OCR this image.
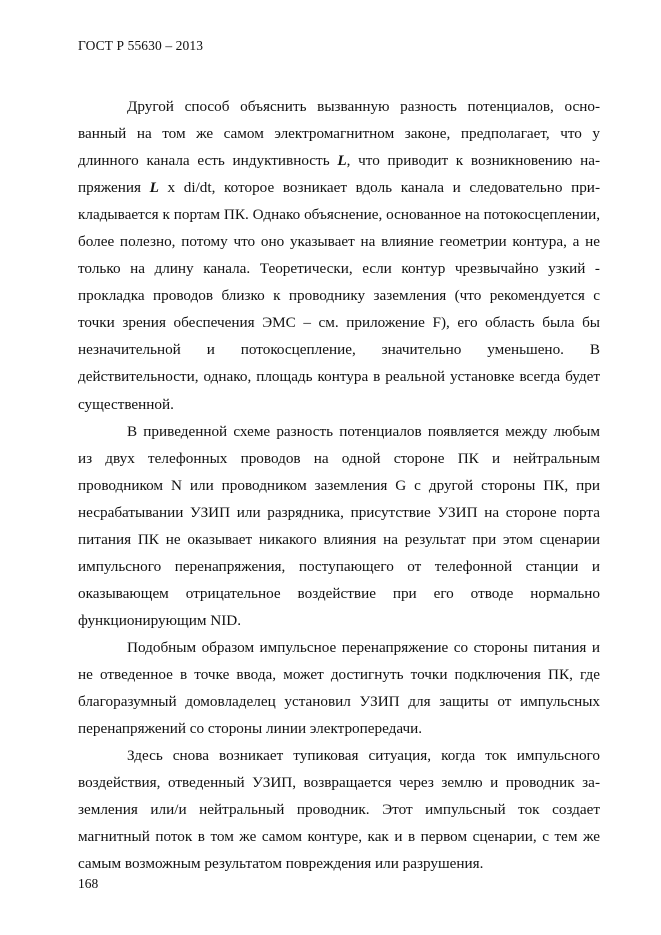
ГОСТ Р 55630 – 2013

Другой способ объяснить вызванную разность потенциалов, основанный на том же самом электромагнитном законе, предполагает, что у длинного канала есть индуктивность L, что приводит к возникновению напряжения L x di/dt, которое возникает вдоль канала и следовательно прикладывается к портам ПК. Однако объяснение, основанное на потокосцеплении, более полезно, потому что оно указывает на влияние геометрии контура, а не только на длину канала. Теоретически, если контур чрезвычайно узкий - прокладка проводов близко к проводнику заземления (что рекомендуется с точки зрения обеспечения ЭМС – см. приложение F), его область была бы незначительной и потокосцепление, значительно уменьшено. В действительности, однако, площадь контура в реальной установке всегда будет существенной.

В приведенной схеме разность потенциалов появляется между любым из двух телефонных проводов на одной стороне ПК и нейтральным проводником N или проводником заземления G с другой стороны ПК, при несрабатывании УЗИП или разрядника, присутствие УЗИП на стороне порта питания ПК не оказывает никакого влияния на результат при этом сценарии импульсного перенапряжения, поступающего от телефонной станции и оказывающем отрицательное воздействие при его отводе нормально функционирующим NID.

Подобным образом импульсное перенапряжение со стороны питания и не отведенное в точке ввода, может достигнуть точки подключения ПК, где благоразумный домовладелец установил УЗИП для защиты от импульсных перенапряжений со стороны линии электропередачи.

Здесь снова возникает тупиковая ситуация, когда ток импульсного воздействия, отведенный УЗИП, возвращается через землю и проводник заземления или/и нейтральный проводник. Этот импульсный ток создает магнитный поток в том же самом контуре, как и в первом сценарии, с тем же самым возможным результатом повреждения или разрушения.

168
